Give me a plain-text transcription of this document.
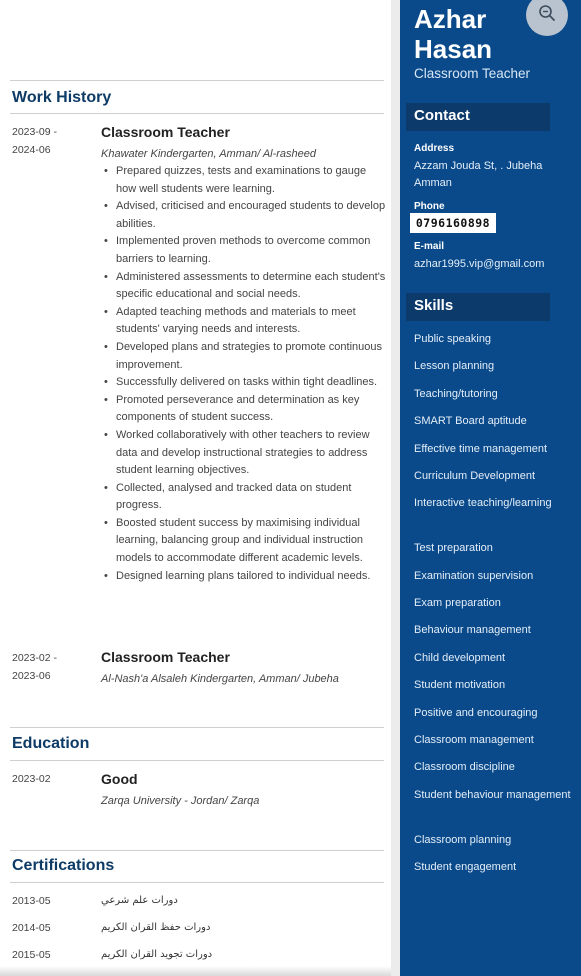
Work History
2023-09 -
2024-06
Classroom Teacher
Khawater Kindergarten, Amman/ Al-rasheed
• Prepared quizzes, tests and examinations to gauge how well students were learning.
• Advised, criticised and encouraged students to develop abilities.
• Implemented proven methods to overcome common barriers to learning.
• Administered assessments to determine each student's specific educational and social needs.
• Adapted teaching methods and materials to meet students' varying needs and interests.
• Developed plans and strategies to promote continuous improvement.
• Successfully delivered on tasks within tight deadlines.
• Promoted perseverance and determination as key components of student success.
• Worked collaboratively with other teachers to review data and develop instructional strategies to address student learning objectives.
• Collected, analysed and tracked data on student progress.
• Boosted student success by maximising individual learning, balancing group and individual instruction models to accommodate different academic levels.
• Designed learning plans tailored to individual needs.
2023-02 -
2023-06
Classroom Teacher
Al-Nash'a Alsaleh Kindergarten, Amman/ Jubeha
Education
2023-02	Good
Zarqa University - Jordan/ Zarqa
Certifications
2013-05	دورات علم شرعي
2014-05	دورات حفظ القران الكريم
2015-05	دورات تجويد القران الكريم
Azhar
Hasan
Classroom Teacher
Contact
Address
Azzam Jouda St, . Jubeha
Amman
Phone
0796160898
E-mail
azhar1995.vip@gmail.com
Skills
Public speaking
Lesson planning
Teaching/tutoring
SMART Board aptitude
Effective time management
Curriculum Development
Interactive teaching/learning
Test preparation
Examination supervision
Exam preparation
Behaviour management
Child development
Student motivation
Positive and encouraging
Classroom management
Classroom discipline
Student behaviour management
Classroom planning
Student engagement
